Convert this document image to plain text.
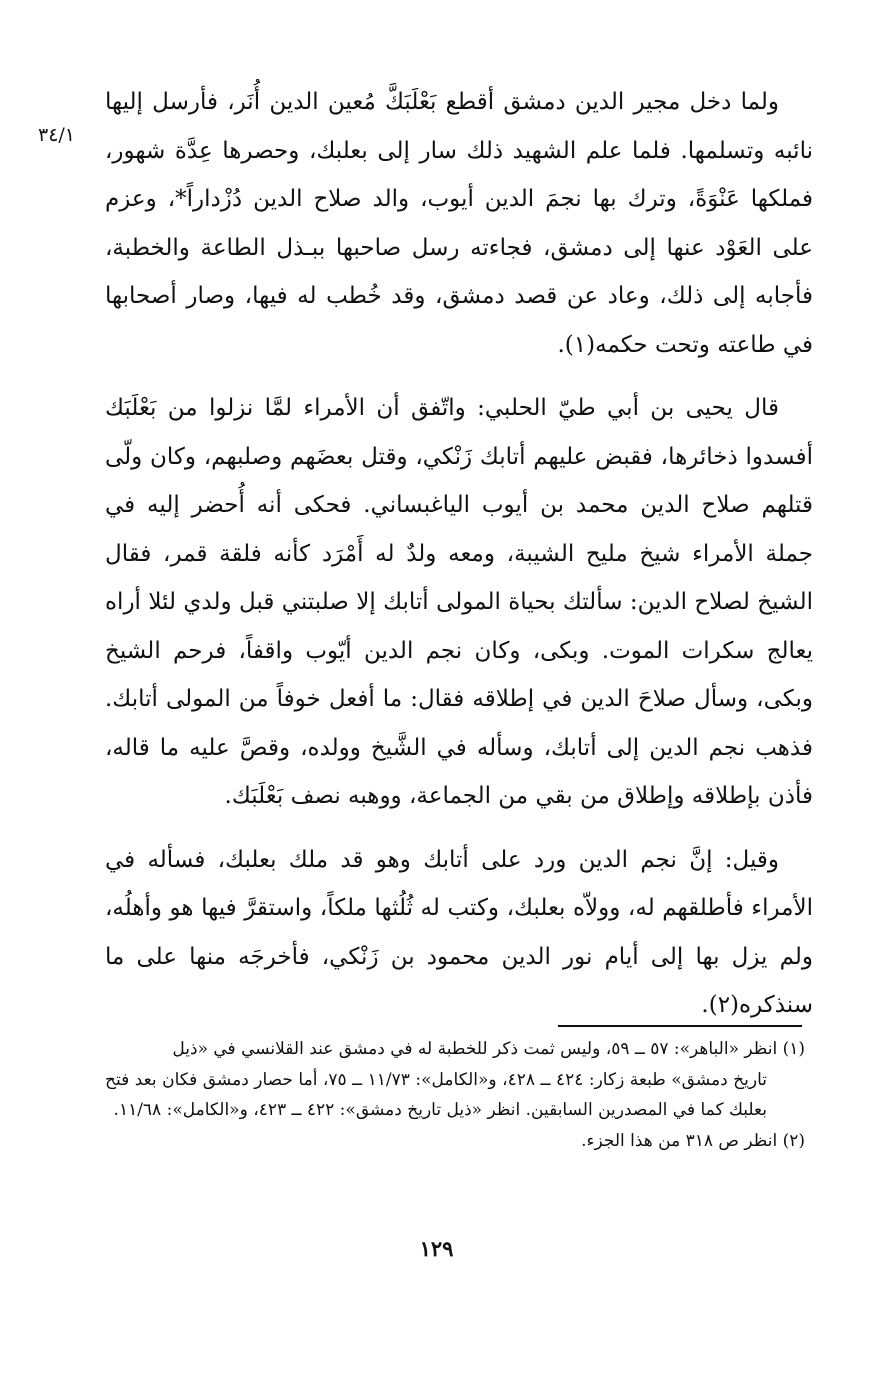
٣٤/١

ولما دخل مجير الدين دمشق أقطع بَعْلَبَكَّ مُعين الدين أُنَر، فأرسل إليها نائبه وتسلمها. فلما علم الشهيد ذلك سار إلى بعلبك، وحصرها عِدَّة شهور، فملكها عَنْوَةً، وترك بها نجمَ الدين أيوب، والد صلاح الدين دُزْداراً*، وعزم على العَوْد عنها إلى دمشق، فجاءته رسل صاحبها ببـذل الطاعة والخطبة، فأجابه إلى ذلك، وعاد عن قصد دمشق، وقد خُطب له فيها، وصار أصحابها في طاعته وتحت حكمه(١).

قال يحيى بن أبي طيّ الحلبي: واتّفق أن الأمراء لمَّا نزلوا من بَعْلَبَك أفسدوا ذخائرها، فقبض عليهم أتابك زَنْكي، وقتل بعضَهم وصلبهم، وكان ولّى قتلهم صلاح الدين محمد بن أيوب الياغبساني. فحكى أنه أُحضر إليه في جملة الأمراء شيخ مليح الشيبة، ومعه ولدٌ له أَمْرَد كأنه فلقة قمر، فقال الشيخ لصلاح الدين: سألتك بحياة المولى أتابك إلا صلبتني قبل ولدي لئلا أراه يعالج سكرات الموت. وبكى، وكان نجم الدين أيّوب واقفاً، فرحم الشيخ وبكى، وسأل صلاحَ الدين في إطلاقه فقال: ما أفعل خوفاً من المولى أتابك. فذهب نجم الدين إلى أتابك، وسأله في الشَّيخ وولده، وقصَّ عليه ما قاله، فأذن بإطلاقه وإطلاق من بقي من الجماعة، ووهبه نصف بَعْلَبَك.

وقيل: إنَّ نجم الدين ورد على أتابك وهو قد ملك بعلبك، فسأله في الأمراء فأطلقهم له، وولاّه بعلبك، وكتب له ثُلُثها ملكاً، واستقرَّ فيها هو وأهلُه، ولم يزل بها إلى أيام نور الدين محمود بن زَنْكي، فأخرجَه منها على ما سنذكره(٢).

(١) انظر «الباهر»: ٥٧ ــ ٥٩، وليس ثمت ذكر للخطبة له في دمشق عند القلانسي في «ذيل

تاريخ دمشق» طبعة زكار: ٤٢٤ ــ ٤٢٨، و«الكامل»: ١١/٧٣ ــ ٧٥، أما حصار دمشق فكان بعد فتح بعلبك كما في المصدرين السابقين. انظر «ذيل تاريخ دمشق»: ٤٢٢ ــ ٤٢٣، و«الكامل»: ١١/٦٨.

(٢) انظر ص ٣١٨ من هذا الجزء.

١٢٩
